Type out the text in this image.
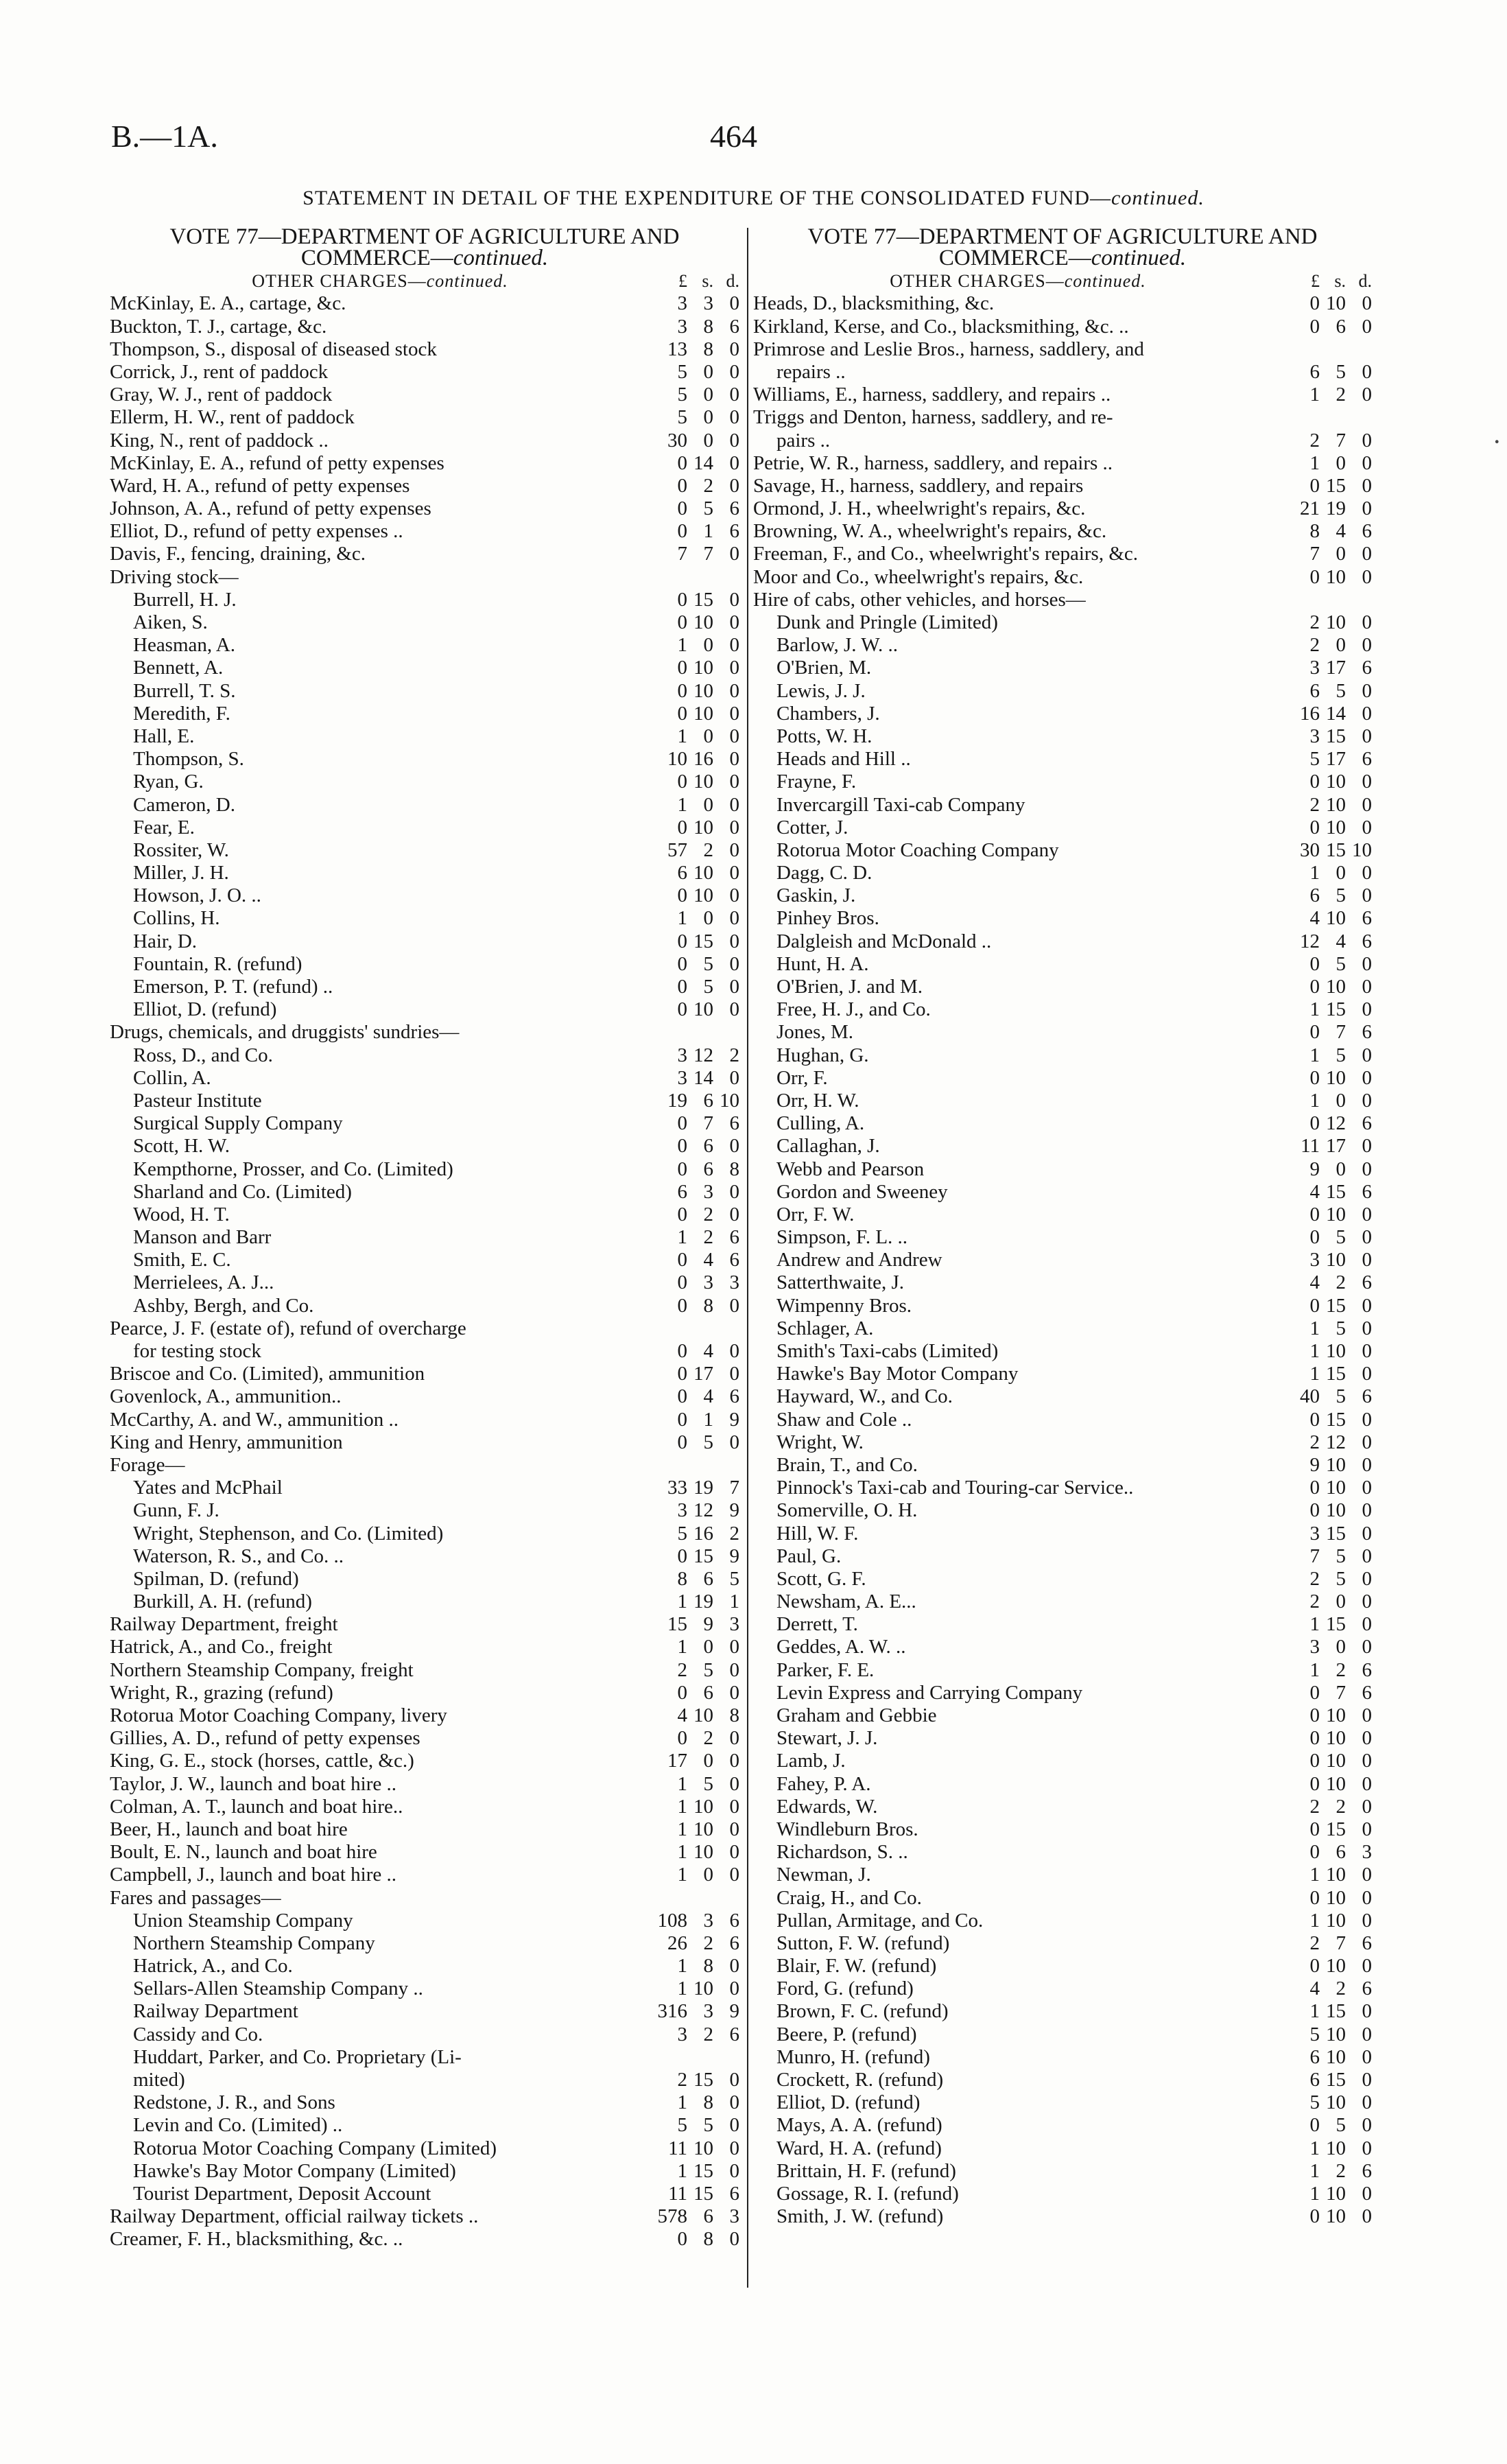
B.—1A.	464
STATEMENT IN DETAIL OF THE EXPENDITURE OF THE CONSOLIDATED FUND—continued.
·
VOTE 77—DEPARTMENT OF AGRICULTURE AND
COMMERCE—continued.
OTHER CHARGES—continued.	£ s. d.
McKinlay, E. A., cartage, &c.	3 3 0
Buckton, T. J., cartage, &c.	3 8 6
Thompson, S., disposal of diseased stock	13 8 0
Corrick, J., rent of paddock	5 0 0
Gray, W. J., rent of paddock	5 0 0
Ellerm, H. W., rent of paddock	5 0 0
King, N., rent of paddock ..	30 0 0
McKinlay, E. A., refund of petty expenses	0 14 0
Ward, H. A., refund of petty expenses	0 2 0
Johnson, A. A., refund of petty expenses	0 5 6
Elliot, D., refund of petty expenses ..	0 1 6
Davis, F., fencing, draining, &c.	7 7 0
Driving stock—
Burrell, H. J.	0 15 0
Aiken, S.	0 10 0
Heasman, A.	1 0 0
Bennett, A.	0 10 0
Burrell, T. S.	0 10 0
Meredith, F.	0 10 0
Hall, E.	1 0 0
Thompson, S.	10 16 0
Ryan, G.	0 10 0
Cameron, D.	1 0 0
Fear, E.	0 10 0
Rossiter, W.	57 2 0
Miller, J. H.	6 10 0
Howson, J. O. ..	0 10 0
Collins, H.	1 0 0
Hair, D.	0 15 0
Fountain, R. (refund)	0 5 0
Emerson, P. T. (refund) ..	0 5 0
Elliot, D. (refund)	0 10 0
Drugs, chemicals, and druggists' sundries—
Ross, D., and Co.	3 12 2
Collin, A.	3 14 0
Pasteur Institute	19 6 10
Surgical Supply Company	0 7 6
Scott, H. W.	0 6 0
Kempthorne, Prosser, and Co. (Limited)	0 6 8
Sharland and Co. (Limited)	6 3 0
Wood, H. T.	0 2 0
Manson and Barr	1 2 6
Smith, E. C.	0 4 6
Merrielees, A. J...	0 3 3
Ashby, Bergh, and Co.	0 8 0
Pearce, J. F. (estate of), refund of overcharge
for testing stock	0 4 0
Briscoe and Co. (Limited), ammunition	0 17 0
Govenlock, A., ammunition..	0 4 6
McCarthy, A. and W., ammunition ..	0 1 9
King and Henry, ammunition	0 5 0
Forage—
Yates and McPhail	33 19 7
Gunn, F. J.	3 12 9
Wright, Stephenson, and Co. (Limited)	5 16 2
Waterson, R. S., and Co. ..	0 15 9
Spilman, D. (refund)	8 6 5
Burkill, A. H. (refund)	1 19 1
Railway Department, freight	15 9 3
Hatrick, A., and Co., freight	1 0 0
Northern Steamship Company, freight	2 5 0
Wright, R., grazing (refund)	0 6 0
Rotorua Motor Coaching Company, livery	4 10 8
Gillies, A. D., refund of petty expenses	0 2 0
King, G. E., stock (horses, cattle, &c.)	17 0 0
Taylor, J. W., launch and boat hire ..	1 5 0
Colman, A. T., launch and boat hire..	1 10 0
Beer, H., launch and boat hire	1 10 0
Boult, E. N., launch and boat hire	1 10 0
Campbell, J., launch and boat hire ..	1 0 0
Fares and passages—
Union Steamship Company	108 3 6
Northern Steamship Company	26 2 6
Hatrick, A., and Co.	1 8 0
Sellars-Allen Steamship Company ..	1 10 0
Railway Department	316 3 9
Cassidy and Co.	3 2 6
Huddart, Parker, and Co. Proprietary (Li-
mited)	2 15 0
Redstone, J. R., and Sons	1 8 0
Levin and Co. (Limited) ..	5 5 0
Rotorua Motor Coaching Company (Limited)	11 10 0
Hawke's Bay Motor Company (Limited)	1 15 0
Tourist Department, Deposit Account	11 15 6
Railway Department, official railway tickets ..	578 6 3
Creamer, F. H., blacksmithing, &c. ..	0 8 0
VOTE 77—DEPARTMENT OF AGRICULTURE AND
COMMERCE—continued.
OTHER CHARGES—continued.	£ s. d.
Heads, D., blacksmithing, &c.	0 10 0
Kirkland, Kerse, and Co., blacksmithing, &c. ..	0 6 0
Primrose and Leslie Bros., harness, saddlery, and
repairs ..	6 5 0
Williams, E., harness, saddlery, and repairs ..	1 2 0
Triggs and Denton, harness, saddlery, and re-
pairs ..	2 7 0
Petrie, W. R., harness, saddlery, and repairs ..	1 0 0
Savage, H., harness, saddlery, and repairs	0 15 0
Ormond, J. H., wheelwright's repairs, &c.	21 19 0
Browning, W. A., wheelwright's repairs, &c.	8 4 6
Freeman, F., and Co., wheelwright's repairs, &c.	7 0 0
Moor and Co., wheelwright's repairs, &c.	0 10 0
Hire of cabs, other vehicles, and horses—
Dunk and Pringle (Limited)	2 10 0
Barlow, J. W. ..	2 0 0
O'Brien, M.	3 17 6
Lewis, J. J.	6 5 0
Chambers, J.	16 14 0
Potts, W. H.	3 15 0
Heads and Hill ..	5 17 6
Frayne, F.	0 10 0
Invercargill Taxi-cab Company	2 10 0
Cotter, J.	0 10 0
Rotorua Motor Coaching Company	30 15 10
Dagg, C. D.	1 0 0
Gaskin, J.	6 5 0
Pinhey Bros.	4 10 6
Dalgleish and McDonald ..	12 4 6
Hunt, H. A.	0 5 0
O'Brien, J. and M.	0 10 0
Free, H. J., and Co.	1 15 0
Jones, M.	0 7 6
Hughan, G.	1 5 0
Orr, F.	0 10 0
Orr, H. W.	1 0 0
Culling, A.	0 12 6
Callaghan, J.	11 17 0
Webb and Pearson	9 0 0
Gordon and Sweeney	4 15 6
Orr, F. W.	0 10 0
Simpson, F. L. ..	0 5 0
Andrew and Andrew	3 10 0
Satterthwaite, J.	4 2 6
Wimpenny Bros.	0 15 0
Schlager, A.	1 5 0
Smith's Taxi-cabs (Limited)	1 10 0
Hawke's Bay Motor Company	1 15 0
Hayward, W., and Co.	40 5 6
Shaw and Cole ..	0 15 0
Wright, W.	2 12 0
Brain, T., and Co.	9 10 0
Pinnock's Taxi-cab and Touring-car Service..	0 10 0
Somerville, O. H.	0 10 0
Hill, W. F.	3 15 0
Paul, G.	7 5 0
Scott, G. F.	2 5 0
Newsham, A. E...	2 0 0
Derrett, T.	1 15 0
Geddes, A. W. ..	3 0 0
Parker, F. E.	1 2 6
Levin Express and Carrying Company	0 7 6
Graham and Gebbie	0 10 0
Stewart, J. J.	0 10 0
Lamb, J.	0 10 0
Fahey, P. A.	0 10 0
Edwards, W.	2 2 0
Windleburn Bros.	0 15 0
Richardson, S. ..	0 6 3
Newman, J.	1 10 0
Craig, H., and Co.	0 10 0
Pullan, Armitage, and Co.	1 10 0
Sutton, F. W. (refund)	2 7 6
Blair, F. W. (refund)	0 10 0
Ford, G. (refund)	4 2 6
Brown, F. C. (refund)	1 15 0
Beere, P. (refund)	5 10 0
Munro, H. (refund)	6 10 0
Crockett, R. (refund)	6 15 0
Elliot, D. (refund)	5 10 0
Mays, A. A. (refund)	0 5 0
Ward, H. A. (refund)	1 10 0
Brittain, H. F. (refund)	1 2 6
Gossage, R. I. (refund)	1 10 0
Smith, J. W. (refund)	0 10 0
